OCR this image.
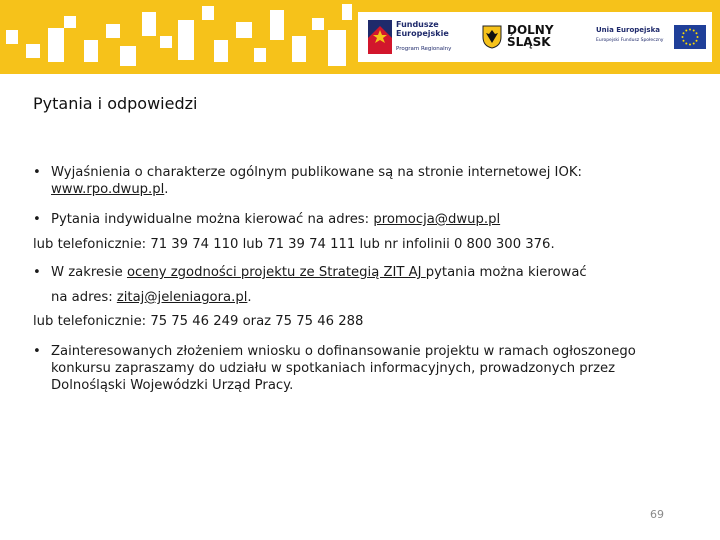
Fundusze
Europejskie
Program Regionalny
DOLNY
ŚLĄSK
Unia Europejska
Europejski Fundusz Społeczny
Pytania i odpowiedzi
• Wyjaśnienia o charakterze ogólnym publikowane są na stronie internetowej IOK: www.rpo.dwup.pl.
• Pytania indywidualne można kierować na adres: promocja@dwup.pl
lub telefonicznie: 71 39 74 110 lub 71 39 74 111 lub nr infolinii 0 800 300 376.
• W zakresie oceny zgodności projektu ze Strategią ZIT AJ pytania można kierować
na adres: zitaj@jeleniagora.pl.
lub telefonicznie: 75 75 46 249 oraz 75 75 46 288
• Zainteresowanych złożeniem wniosku o dofinansowanie projektu w ramach ogłoszonego konkursu zapraszamy do udziału w spotkaniach informacyjnych, prowadzonych przez Dolnośląski Wojewódzki Urząd Pracy.
69
